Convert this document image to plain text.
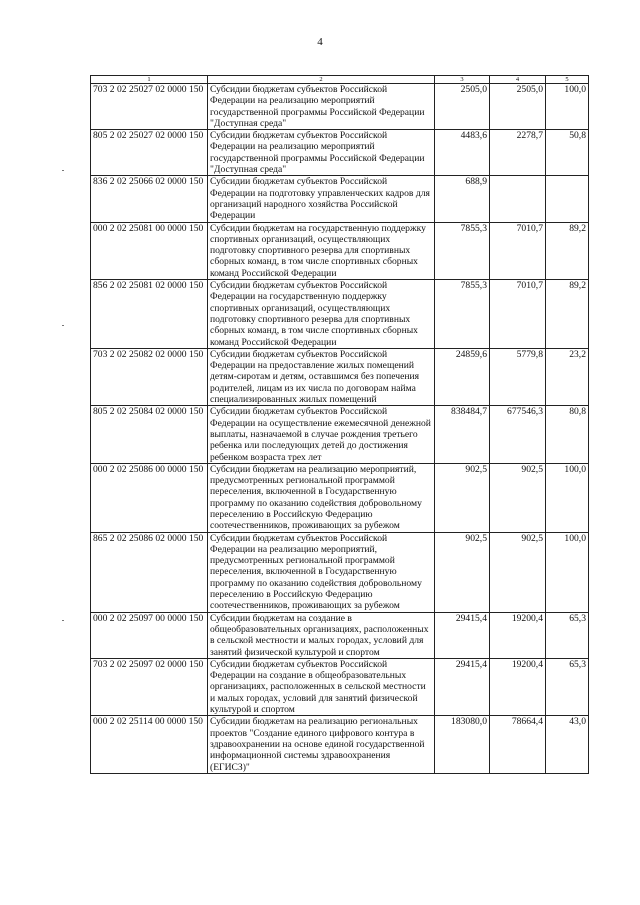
4
1	2	3	4	5
703 2 02 25027 02 0000 150	Субсидии бюджетам субъектов Российской Федерации на реализацию мероприятий государственной программы Российской Федерации "Доступная среда"	2505,0	2505,0	100,0
805 2 02 25027 02 0000 150	Субсидии бюджетам субъектов Российской Федерации на реализацию мероприятий государственной программы Российской Федерации "Доступная среда"	4483,6	2278,7	50,8
836 2 02 25066 02 0000 150	Субсидии бюджетам субъектов Российской Федерации на подготовку управленческих кадров для организаций народного хозяйства Российской Федерации	688,9		
000 2 02 25081 00 0000 150	Субсидии бюджетам на государственную поддержку спортивных организаций, осуществляющих подготовку спортивного резерва для спортивных сборных команд, в том числе спортивных сборных команд Российской Федерации	7855,3	7010,7	89,2
856 2 02 25081 02 0000 150	Субсидии бюджетам субъектов Российской Федерации на государственную поддержку спортивных организаций, осуществляющих подготовку спортивного резерва для спортивных сборных команд, в том числе спортивных сборных команд Российской Федерации	7855,3	7010,7	89,2
703 2 02 25082 02 0000 150	Субсидии бюджетам субъектов Российской Федерации на предоставление жилых помещений детям-сиротам и детям, оставшимся без попечения родителей, лицам из их числа по договорам найма специализированных жилых помещений	24859,6	5779,8	23,2
805 2 02 25084 02 0000 150	Субсидии бюджетам субъектов Российской Федерации на осуществление ежемесячной денежной выплаты, назначаемой в случае рождения третьего ребенка или последующих детей до достижения ребенком возраста трех лет	838484,7	677546,3	80,8
000 2 02 25086 00 0000 150	Субсидии бюджетам на реализацию мероприятий, предусмотренных региональной программой переселения, включенной в Государственную программу по оказанию содействия добровольному переселению в Российскую Федерацию соотечественников, проживающих за рубежом	902,5	902,5	100,0
865 2 02 25086 02 0000 150	Субсидии бюджетам субъектов Российской Федерации на реализацию мероприятий, предусмотренных региональной программой переселения, включенной в Государственную программу по оказанию содействия добровольному переселению в Российскую Федерацию соотечественников, проживающих за рубежом	902,5	902,5	100,0
000 2 02 25097 00 0000 150	Субсидии бюджетам на создание в общеобразовательных организациях, расположенных в сельской местности и малых городах, условий для занятий физической культурой и спортом	29415,4	19200,4	65,3
703 2 02 25097 02 0000 150	Субсидии бюджетам субъектов Российской Федерации на создание в общеобразовательных организациях, расположенных в сельской местности и малых городах, условий для занятий физической культурой и спортом	29415,4	19200,4	65,3
000 2 02 25114 00 0000 150	Субсидии бюджетам на реализацию региональных проектов "Создание единого цифрового контура в здравоохранении на основе единой государственной информационной системы здравоохранения (ЕГИСЗ)"	183080,0	78664,4	43,0
